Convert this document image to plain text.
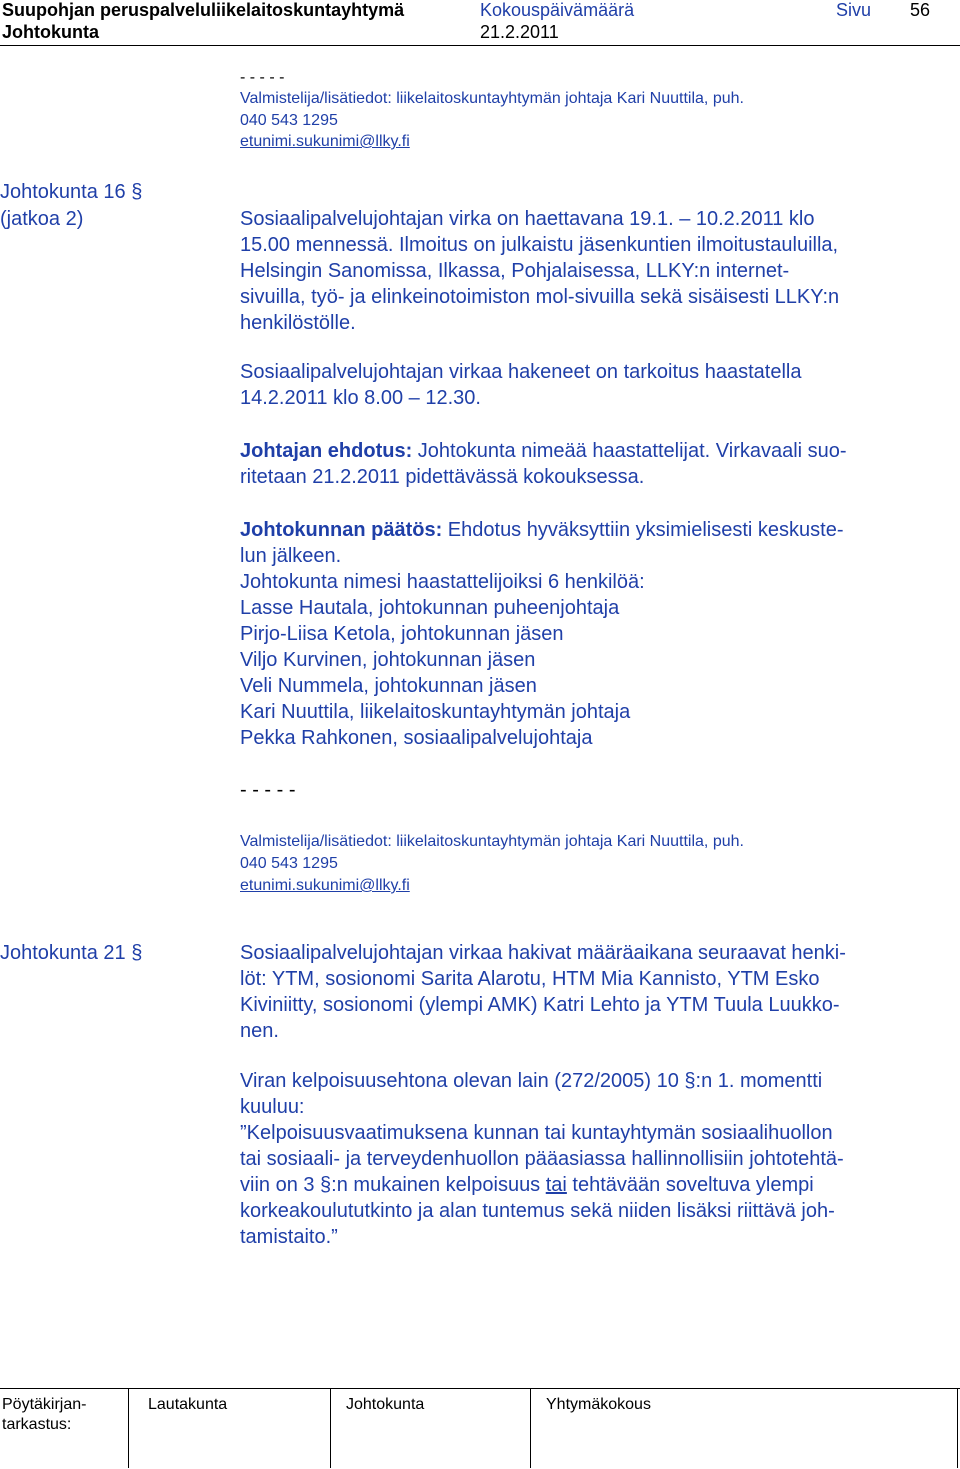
Suupohjan peruspalveluliikelaitoskuntayhtymä	Kokouspäivämäärä	Sivu 56
Johtokunta	21.2.2011
- - - - -
Valmistelija/lisätiedot: liikelaitoskuntayhtymän johtaja Kari Nuuttila, puh.
040 543 1295
etunimi.sukunimi@llky.fi
Johtokunta 16 §
(jatkoa 2)	Sosiaalipalvelujohtajan virka on haettavana 19.1. – 10.2.2011 klo
15.00 mennessä. Ilmoitus on julkaistu jäsenkuntien ilmoitustauluilla,
Helsingin Sanomissa, Ilkassa, Pohjalaisessa, LLKY:n internet-
sivuilla, työ- ja elinkeinotoimiston mol-sivuilla sekä sisäisesti LLKY:n
henkilöstölle.
Sosiaalipalvelujohtajan virkaa hakeneet on tarkoitus haastatella
14.2.2011 klo 8.00 – 12.30.
Johtajan ehdotus: Johtokunta nimeää haastattelijat. Virkavaali suo-
ritetaan 21.2.2011 pidettävässä kokouksessa.
Johtokunnan päätös: Ehdotus hyväksyttiin yksimielisesti keskuste-
lun jälkeen.
Johtokunta nimesi haastattelijoiksi 6 henkilöä:
Lasse Hautala, johtokunnan puheenjohtaja
Pirjo-Liisa Ketola, johtokunnan jäsen
Viljo Kurvinen, johtokunnan jäsen
Veli Nummela, johtokunnan jäsen
Kari Nuuttila, liikelaitoskuntayhtymän johtaja
Pekka Rahkonen, sosiaalipalvelujohtaja
- - - - -
Valmistelija/lisätiedot: liikelaitoskuntayhtymän johtaja Kari Nuuttila, puh.
040 543 1295
etunimi.sukunimi@llky.fi
Johtokunta 21 §	Sosiaalipalvelujohtajan virkaa hakivat määräaikana seuraavat henki-
löt: YTM, sosionomi Sarita Alarotu, HTM Mia Kannisto, YTM Esko
Kiviniitty, sosionomi (ylempi AMK) Katri Lehto ja YTM Tuula Luukko-
nen.
Viran kelpoisuusehtona olevan lain (272/2005) 10 §:n 1. momentti
kuuluu:
”Kelpoisuusvaatimuksena kunnan tai kuntayhtymän sosiaalihuollon
tai sosiaali- ja terveydenhuollon pääasiassa hallinnollisiin johtotehtä-
viin on 3 §:n mukainen kelpoisuus tai tehtävään soveltuva ylempi
korkeakoulututkinto ja alan tuntemus sekä niiden lisäksi riittävä joh-
tamistaito.”
Pöytäkirjan-
tarkastus:
Lautakunta	Johtokunta	Yhtymäkokous
